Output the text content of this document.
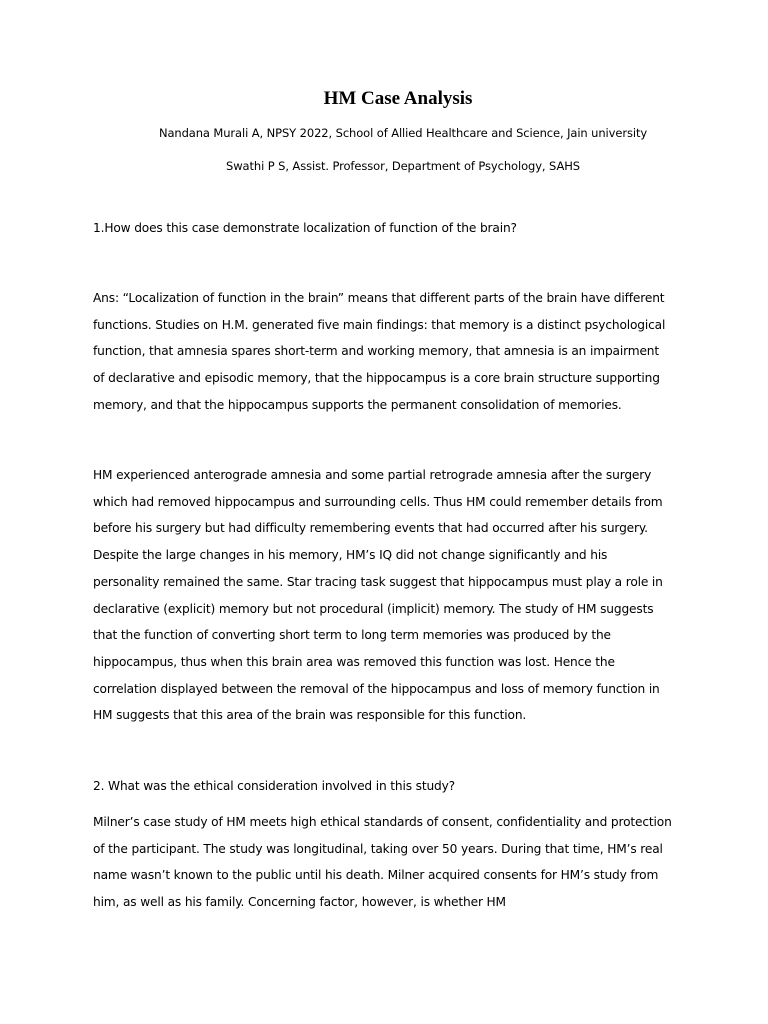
HM Case Analysis

Nandana Murali A, NPSY 2022, School of Allied Healthcare and Science, Jain university

Swathi P S, Assist. Professor, Department of Psychology, SAHS

1.How does this case demonstrate localization of function of the brain?

Ans: “Localization of function in the brain” means that different parts of the brain have different functions. Studies on H.M. generated five main findings: that memory is a distinct psychological function, that amnesia spares short-term and working memory, that amnesia is an impairment of declarative and episodic memory, that the hippocampus is a core brain structure supporting memory, and that the hippocampus supports the permanent consolidation of memories.

HM experienced anterograde amnesia and some partial retrograde amnesia after the surgery which had removed hippocampus and surrounding cells. Thus HM could remember details from before his surgery but had difficulty remembering events that had occurred after his surgery. Despite the large changes in his memory, HM’s IQ did not change significantly and his personality remained the same. Star tracing task suggest that hippocampus must play a role in declarative (explicit) memory but not procedural (implicit) memory. The study of HM suggests that the function of converting short term to long term memories was produced by the hippocampus, thus when this brain area was removed this function was lost. Hence the correlation displayed between the removal of the hippocampus and loss of memory function in HM suggests that this area of the brain was responsible for this function.

2. What was the ethical consideration involved in this study?

Milner’s case study of HM meets high ethical standards of consent, confidentiality and protection of the participant. The study was longitudinal, taking over 50 years. During that time, HM’s real name wasn’t known to the public until his death. Milner acquired consents for HM’s study from him, as well as his family. Concerning factor, however, is whether HM
